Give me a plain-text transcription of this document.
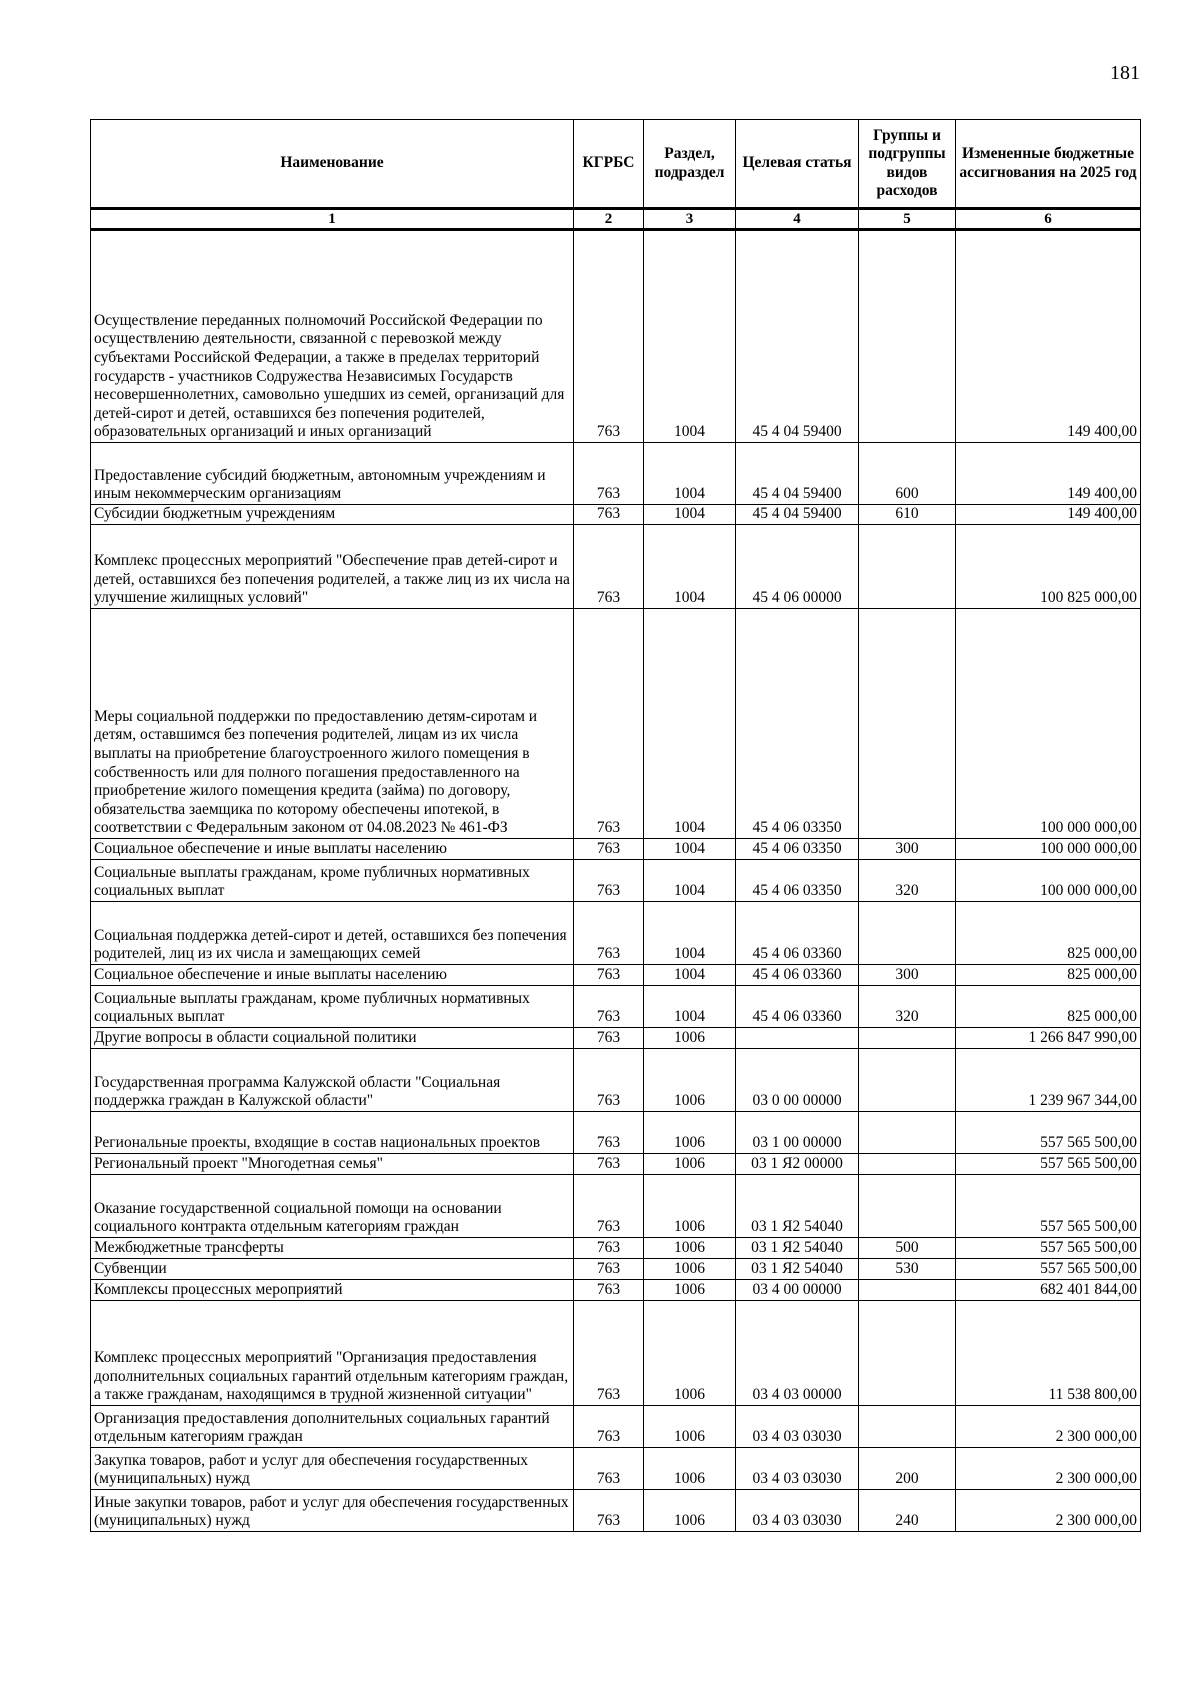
181
Наименование	КГРБС	Раздел, подраздел	Целевая статья	Группы и подгруппы видов расходов	Измененные бюджетные ассигнования на 2025 год
1	2	3	4	5	6
Осуществление переданных полномочий Российской Федерации по осуществлению деятельности, связанной с перевозкой между субъектами Российской Федерации, а также в пределах территорий государств - участников Содружества Независимых Государств несовершеннолетних, самовольно ушедших из семей, организаций для детей-сирот и детей, оставшихся без попечения родителей, образовательных организаций и иных организаций	763	1004	45 4 04 59400		149 400,00
Предоставление субсидий бюджетным, автономным учреждениям и иным некоммерческим организациям	763	1004	45 4 04 59400	600	149 400,00
Субсидии бюджетным учреждениям	763	1004	45 4 04 59400	610	149 400,00
Комплекс процессных мероприятий "Обеспечение прав детей-сирот и детей, оставшихся без попечения родителей, а также лиц из их числа на улучшение жилищных условий"	763	1004	45 4 06 00000		100 825 000,00
Меры социальной поддержки по предоставлению детям-сиротам и детям, оставшимся без попечения родителей, лицам из их числа выплаты на приобретение благоустроенного жилого помещения в собственность или для полного погашения предоставленного на приобретение жилого помещения кредита (займа) по договору, обязательства заемщика по которому обеспечены ипотекой, в соответствии с Федеральным законом от 04.08.2023 № 461-ФЗ	763	1004	45 4 06 03350		100 000 000,00
Социальное обеспечение и иные выплаты населению	763	1004	45 4 06 03350	300	100 000 000,00
Социальные выплаты гражданам, кроме публичных нормативных социальных выплат	763	1004	45 4 06 03350	320	100 000 000,00
Социальная поддержка детей-сирот и детей, оставшихся без попечения родителей, лиц из их числа и замещающих семей	763	1004	45 4 06 03360		825 000,00
Социальное обеспечение и иные выплаты населению	763	1004	45 4 06 03360	300	825 000,00
Социальные выплаты гражданам, кроме публичных нормативных социальных выплат	763	1004	45 4 06 03360	320	825 000,00
Другие вопросы в области социальной политики	763	1006			1 266 847 990,00
Государственная программа Калужской области "Социальная поддержка граждан в Калужской области"	763	1006	03 0 00 00000		1 239 967 344,00
Региональные проекты, входящие в состав национальных проектов	763	1006	03 1 00 00000		557 565 500,00
Региональный проект "Многодетная семья"	763	1006	03 1 Я2 00000		557 565 500,00
Оказание государственной социальной помощи на основании социального контракта отдельным категориям граждан	763	1006	03 1 Я2 54040		557 565 500,00
Межбюджетные трансферты	763	1006	03 1 Я2 54040	500	557 565 500,00
Субвенции	763	1006	03 1 Я2 54040	530	557 565 500,00
Комплексы процессных мероприятий	763	1006	03 4 00 00000		682 401 844,00
Комплекс процессных мероприятий "Организация предоставления дополнительных социальных гарантий отдельным категориям граждан, а также гражданам, находящимся в трудной жизненной ситуации"	763	1006	03 4 03 00000		11 538 800,00
Организация предоставления дополнительных социальных гарантий отдельным категориям граждан	763	1006	03 4 03 03030		2 300 000,00
Закупка товаров, работ и услуг для обеспечения государственных (муниципальных) нужд	763	1006	03 4 03 03030	200	2 300 000,00
Иные закупки товаров, работ и услуг для обеспечения государственных (муниципальных) нужд	763	1006	03 4 03 03030	240	2 300 000,00
